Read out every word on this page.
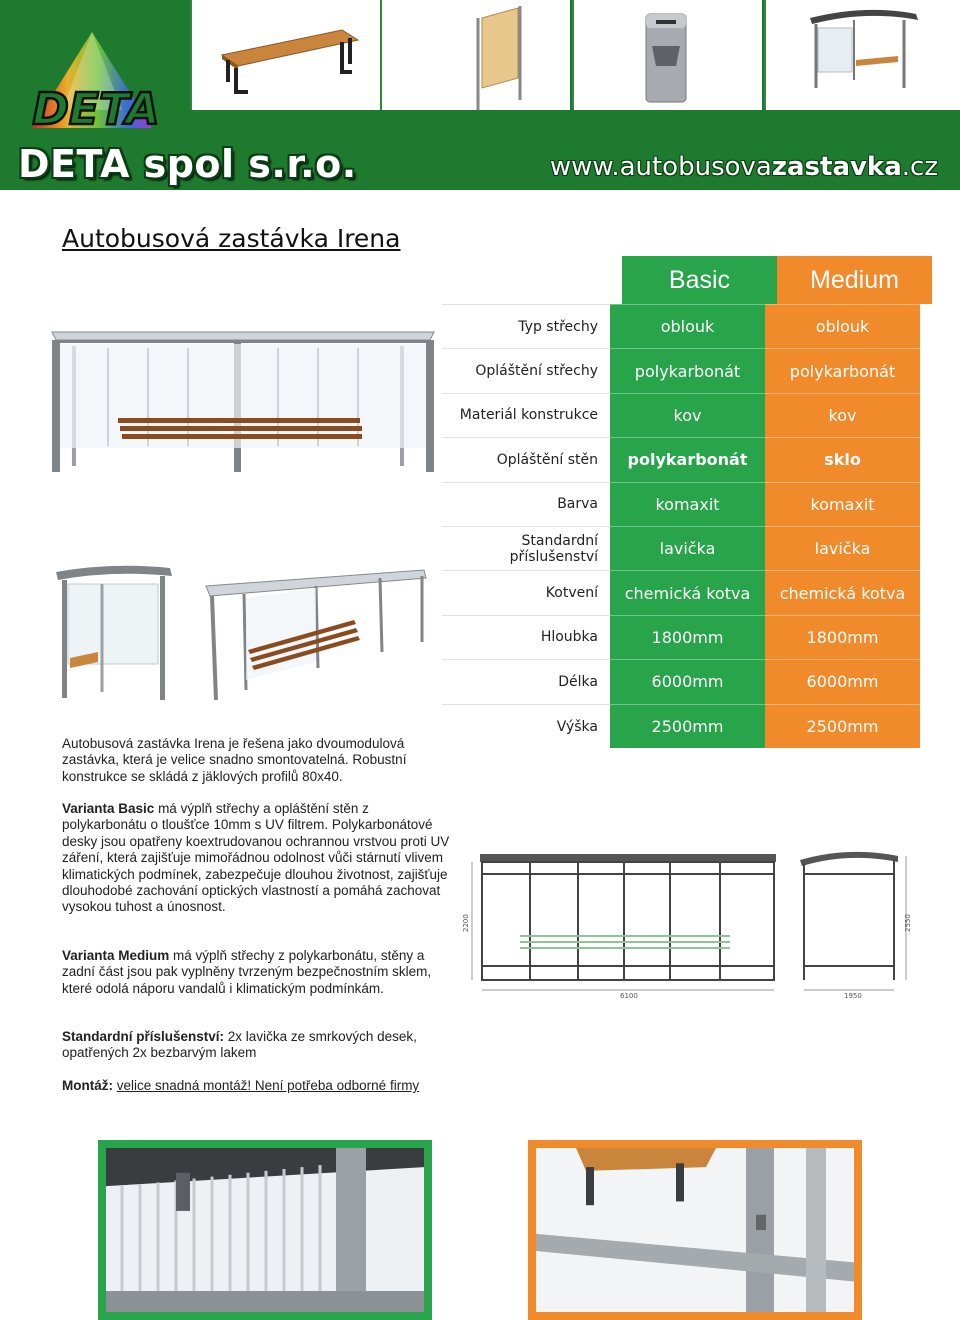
DETA
DETA spol s.r.o.	www.autobusovazastavka.cz
Autobusová zastávka Irena
Basic	Medium
Typ střechy	oblouk	oblouk
Opláštění střechy	polykarbonát	polykarbonát
Materiál konstrukce	kov	kov
Opláštění stěn	polykarbonát	sklo
Barva	komaxit	komaxit
Standardní příslušenství	lavička	lavička
Kotvení	chemická kotva	chemická kotva
Hloubka	1800mm	1800mm
Délka	6000mm	6000mm
Výška	2500mm	2500mm

Autobusová zastávka Irena je řešena jako dvoumodulová zastávka, která je velice snadno smontovatelná. Robustní konstrukce se skládá z jäklových profilů 80x40.

Varianta Basic má výplň střechy a opláštění stěn z polykarbonátu o tloušťce 10mm s UV filtrem. Polykarbonátové desky jsou opatřeny koextrudovanou ochrannou vrstvou proti UV záření, která zajišťuje mimořádnou odolnost vůči stárnutí vlivem klimatických podmínek, zabezpečuje dlouhou životnost, zajišťuje dlouhodobé zachování optických vlastností a pomáhá zachovat vysokou tuhost a únosnost.

Varianta Medium má výplň střechy z polykarbonátu, stěny a zadní část jsou pak vyplněny tvrzeným bezpečnostním sklem, které odolá náporu vandalů i klimatickým podmínkám.

Standardní příslušenství: 2x lavička ze smrkových desek, opatřených 2x bezbarvým lakem

Montáž: velice snadná montáž! Není potřeba odborné firmy

2200
6100	1950
2550
